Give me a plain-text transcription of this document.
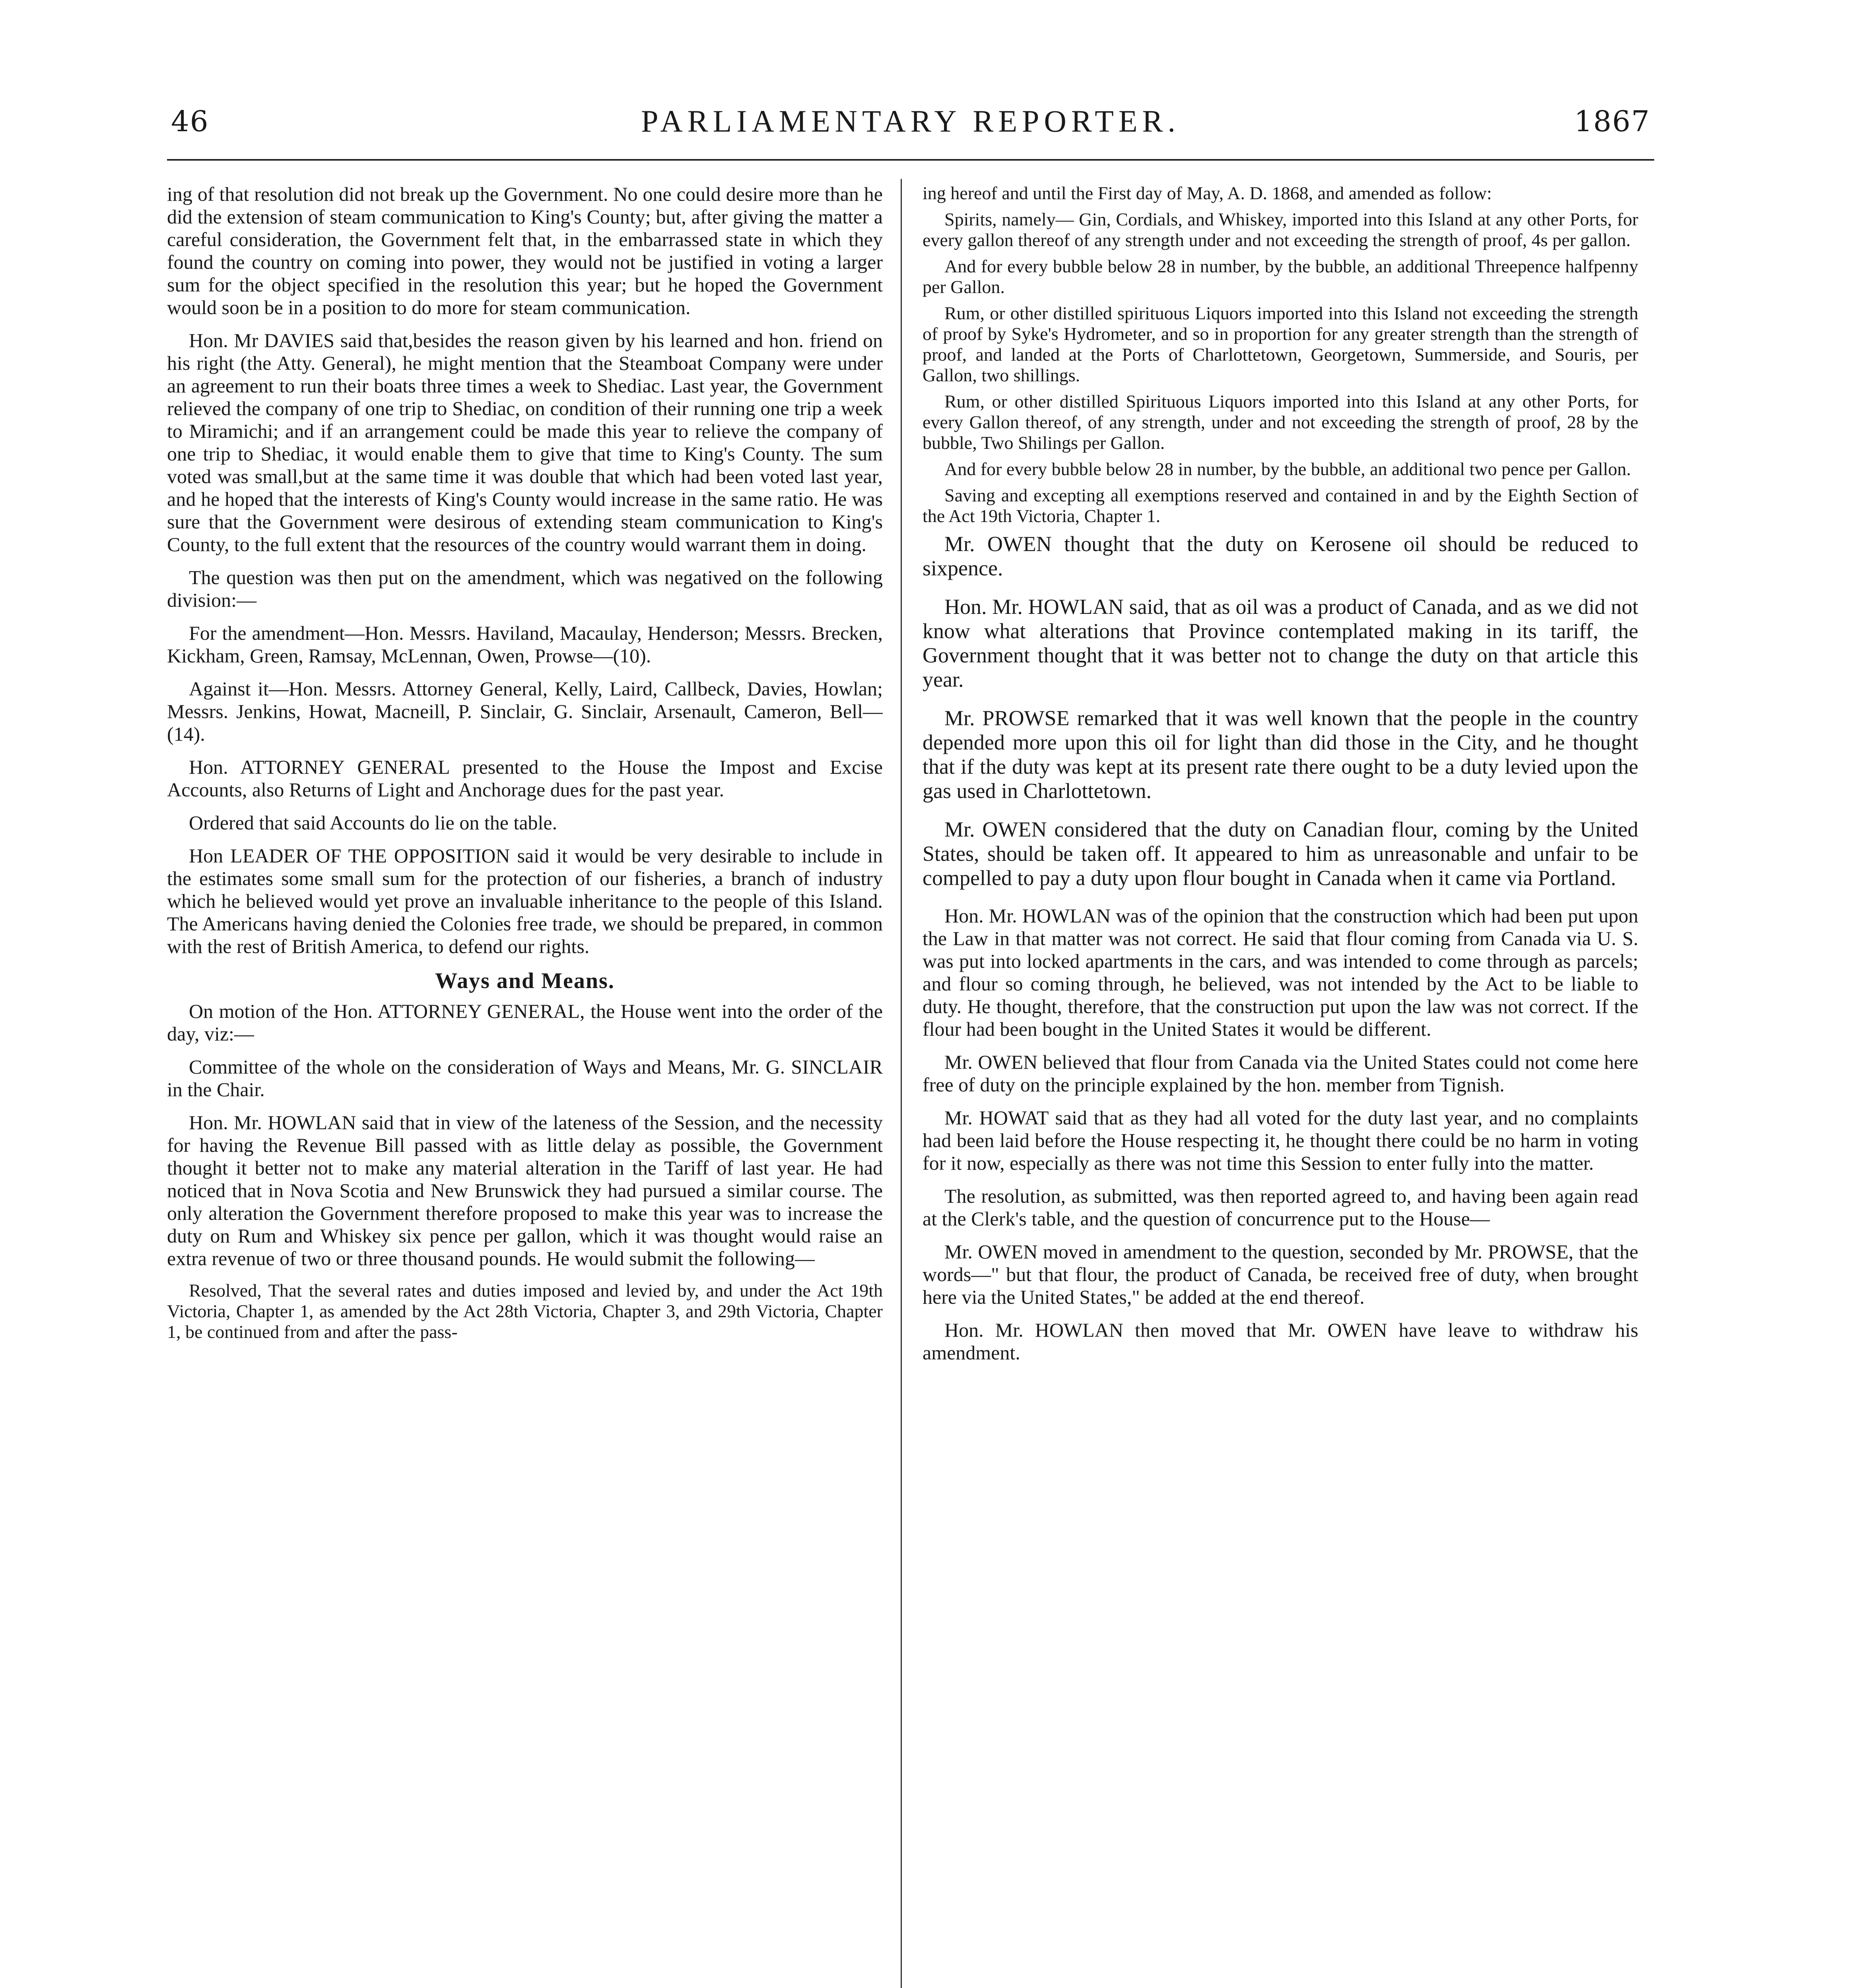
46	PARLIAMENTARY REPORTER.	1867

ing of that resolution did not break up the Government. No one could desire more than he did the extension of steam communication to King's County; but, after giving the matter a careful consideration, the Government felt that, in the embarrassed state in which they found the country on coming into power, they would not be justified in voting a larger sum for the object specified in the resolution this year; but he hoped the Government would soon be in a position to do more for steam communication.

Hon. Mr DAVIES said that,besides the reason given by his learned and hon. friend on his right (the Atty. General), he might mention that the Steamboat Company were under an agreement to run their boats three times a week to Shediac. Last year, the Government relieved the company of one trip to Shediac, on condition of their running one trip a week to Miramichi; and if an arrangement could be made this year to relieve the company of one trip to Shediac, it would enable them to give that time to King's County. The sum voted was small,but at the same time it was double that which had been voted last year, and he hoped that the interests of King's County would increase in the same ratio. He was sure that the Government were desirous of extending steam communication to King's County, to the full extent that the resources of the country would warrant them in doing.

The question was then put on the amendment, which was negatived on the following division:—

For the amendment—Hon. Messrs. Haviland, Macaulay, Henderson; Messrs. Brecken, Kickham, Green, Ramsay, McLennan, Owen, Prowse—(10).

Against it—Hon. Messrs. Attorney General, Kelly, Laird, Callbeck, Davies, Howlan; Messrs. Jenkins, Howat, Macneill, P. Sinclair, G. Sinclair, Arsenault, Cameron, Bell—(14).

Hon. ATTORNEY GENERAL presented to the House the Impost and Excise Accounts, also Returns of Light and Anchorage dues for the past year.

Ordered that said Accounts do lie on the table.

Hon LEADER OF THE OPPOSITION said it would be very desirable to include in the estimates some small sum for the protection of our fisheries, a branch of industry which he believed would yet prove an invaluable inheritance to the people of this Island. The Americans having denied the Colonies free trade, we should be prepared, in common with the rest of British America, to defend our rights.

Ways and Means.

On motion of the Hon. ATTORNEY GENERAL, the House went into the order of the day, viz:—

Committee of the whole on the consideration of Ways and Means, Mr. G. SINCLAIR in the Chair.

Hon. Mr. HOWLAN said that in view of the lateness of the Session, and the necessity for having the Revenue Bill passed with as little delay as possible, the Government thought it better not to make any material alteration in the Tariff of last year. He had noticed that in Nova Scotia and New Brunswick they had pursued a similar course. The only alteration the Government therefore proposed to make this year was to increase the duty on Rum and Whiskey six pence per gallon, which it was thought would raise an extra revenue of two or three thousand pounds. He would submit the following—

Resolved, That the several rates and duties imposed and levied by, and under the Act 19th Victoria, Chapter 1, as amended by the Act 28th Victoria, Chapter 3, and 29th Victoria, Chapter 1, be continued from and after the pass-

ing hereof and until the First day of May, A. D. 1868, and amended as follow:

Spirits, namely— Gin, Cordials, and Whiskey, imported into this Island at any other Ports, for every gallon thereof of any strength under and not exceeding the strength of proof, 4s per gallon.

And for every bubble below 28 in number, by the bubble, an additional Threepence halfpenny per Gallon.

Rum, or other distilled spirituous Liquors imported into this Island not exceeding the strength of proof by Syke's Hydrometer, and so in proportion for any greater strength than the strength of proof, and landed at the Ports of Charlottetown, Georgetown, Summerside, and Souris, per Gallon, two shillings.

Rum, or other distilled Spirituous Liquors imported into this Island at any other Ports, for every Gallon thereof, of any strength, under and not exceeding the strength of proof, 28 by the bubble, Two Shilings per Gallon.

And for every bubble below 28 in number, by the bubble, an additional two pence per Gallon.

Saving and excepting all exemptions reserved and contained in and by the Eighth Section of the Act 19th Victoria, Chapter 1.

Mr. OWEN thought that the duty on Kerosene oil should be reduced to sixpence.

Hon. Mr. HOWLAN said, that as oil was a product of Canada, and as we did not know what alterations that Province contemplated making in its tariff, the Government thought that it was better not to change the duty on that article this year.

Mr. PROWSE remarked that it was well known that the people in the country depended more upon this oil for light than did those in the City, and he thought that if the duty was kept at its present rate there ought to be a duty levied upon the gas used in Charlottetown.

Mr. OWEN considered that the duty on Canadian flour, coming by the United States, should be taken off. It appeared to him as unreasonable and unfair to be compelled to pay a duty upon flour bought in Canada when it came via Portland.

Hon. Mr. HOWLAN was of the opinion that the construction which had been put upon the Law in that matter was not correct. He said that flour coming from Canada via U. S. was put into locked apartments in the cars, and was intended to come through as parcels; and flour so coming through, he believed, was not intended by the Act to be liable to duty. He thought, therefore, that the construction put upon the law was not correct. If the flour had been bought in the United States it would be different.

Mr. OWEN believed that flour from Canada via the United States could not come here free of duty on the principle explained by the hon. member from Tignish.

Mr. HOWAT said that as they had all voted for the duty last year, and no complaints had been laid before the House respecting it, he thought there could be no harm in voting for it now, especially as there was not time this Session to enter fully into the matter.

The resolution, as submitted, was then reported agreed to, and having been again read at the Clerk's table, and the question of concurrence put to the House—

Mr. OWEN moved in amendment to the question, seconded by Mr. PROWSE, that the words—" but that flour, the product of Canada, be received free of duty, when brought here via the United States," be added at the end thereof.

Hon. Mr. HOWLAN then moved that Mr. OWEN have leave to withdraw his amendment.
